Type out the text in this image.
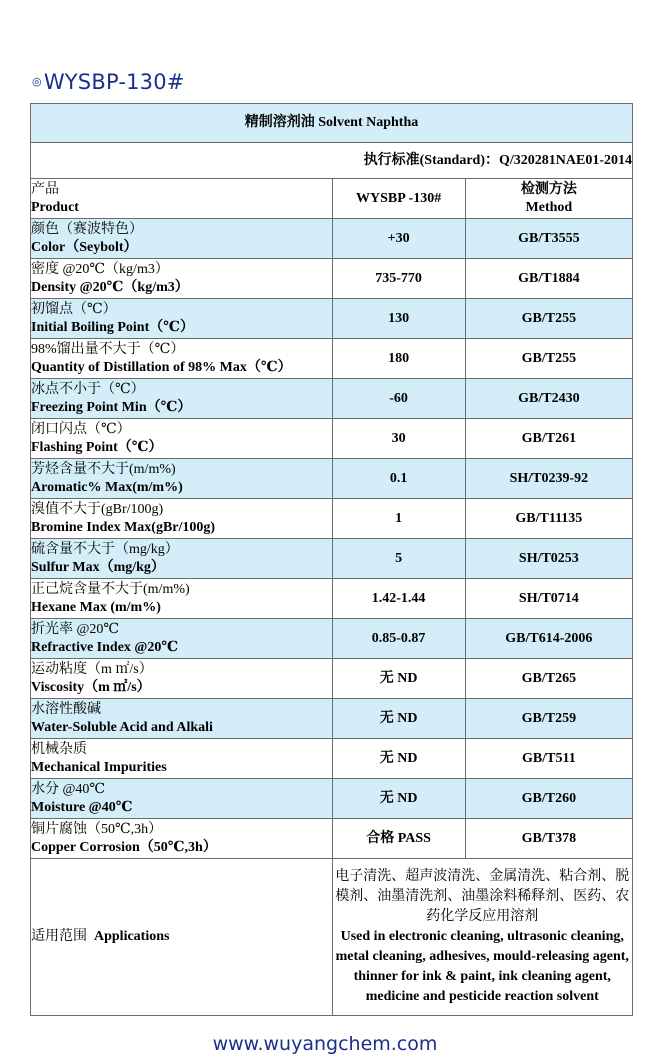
◎WYSBP-130#
精制溶剂油 Solvent Naphtha		
执行标准(Standard)：Q/320281NAE01-2014		

产品
Product	WYSBP -130#	检测方法
Method

颜色（赛波特色）
Color（Seybolt）	+30	GB/T3555

密度 @20℃（kg/m3）
Density @20℃（kg/m3）	735-770	GB/T1884

初馏点（℃）
Initial Boiling Point（℃）	130	GB/T255

98%馏出量不大于（℃）
Quantity of Distillation of 98% Max（℃）	180	GB/T255

冰点不小于（℃）
Freezing Point Min（℃）	-60	GB/T2430

闭口闪点（℃）
Flashing Point（℃）	30	GB/T261

芳烃含量不大于(m/m%)
Aromatic% Max(m/m%)	0.1	SH/T0239-92

溴值不大于(gBr/100g)
Bromine Index Max(gBr/100g)	1	GB/T11135

硫含量不大于（mg/kg）
Sulfur Max（mg/kg）	5	SH/T0253

正己烷含量不大于(m/m%)
Hexane Max (m/m%)	1.42-1.44	SH/T0714

折光率 @20℃
Refractive Index @20℃	0.85-0.87	GB/T614-2006

运动粘度（m ㎡/s）
Viscosity（m ㎡/s）	无 ND	GB/T265

水溶性酸碱
Water-Soluble Acid and Alkali	无 ND	GB/T259

机械杂质
Mechanical Impurities	无 ND	GB/T511

水分 @40℃
Moisture @40℃	无 ND	GB/T260

铜片腐蚀（50℃,3h）
Copper Corrosion（50℃,3h）	合格 PASS	GB/T378
适用范围 Applications	电子清洗、超声波清洗、金属清洗、粘合剂、脱模剂、油墨清洗剂、油墨涂料稀释剂、医药、农药化学反应用溶剂
Used in electronic cleaning, ultrasonic cleaning, metal cleaning, adhesives, mould-releasing agent, thinner for ink & paint, ink cleaning agent, medicine and pesticide reaction solvent	
www.wuyangchem.com
